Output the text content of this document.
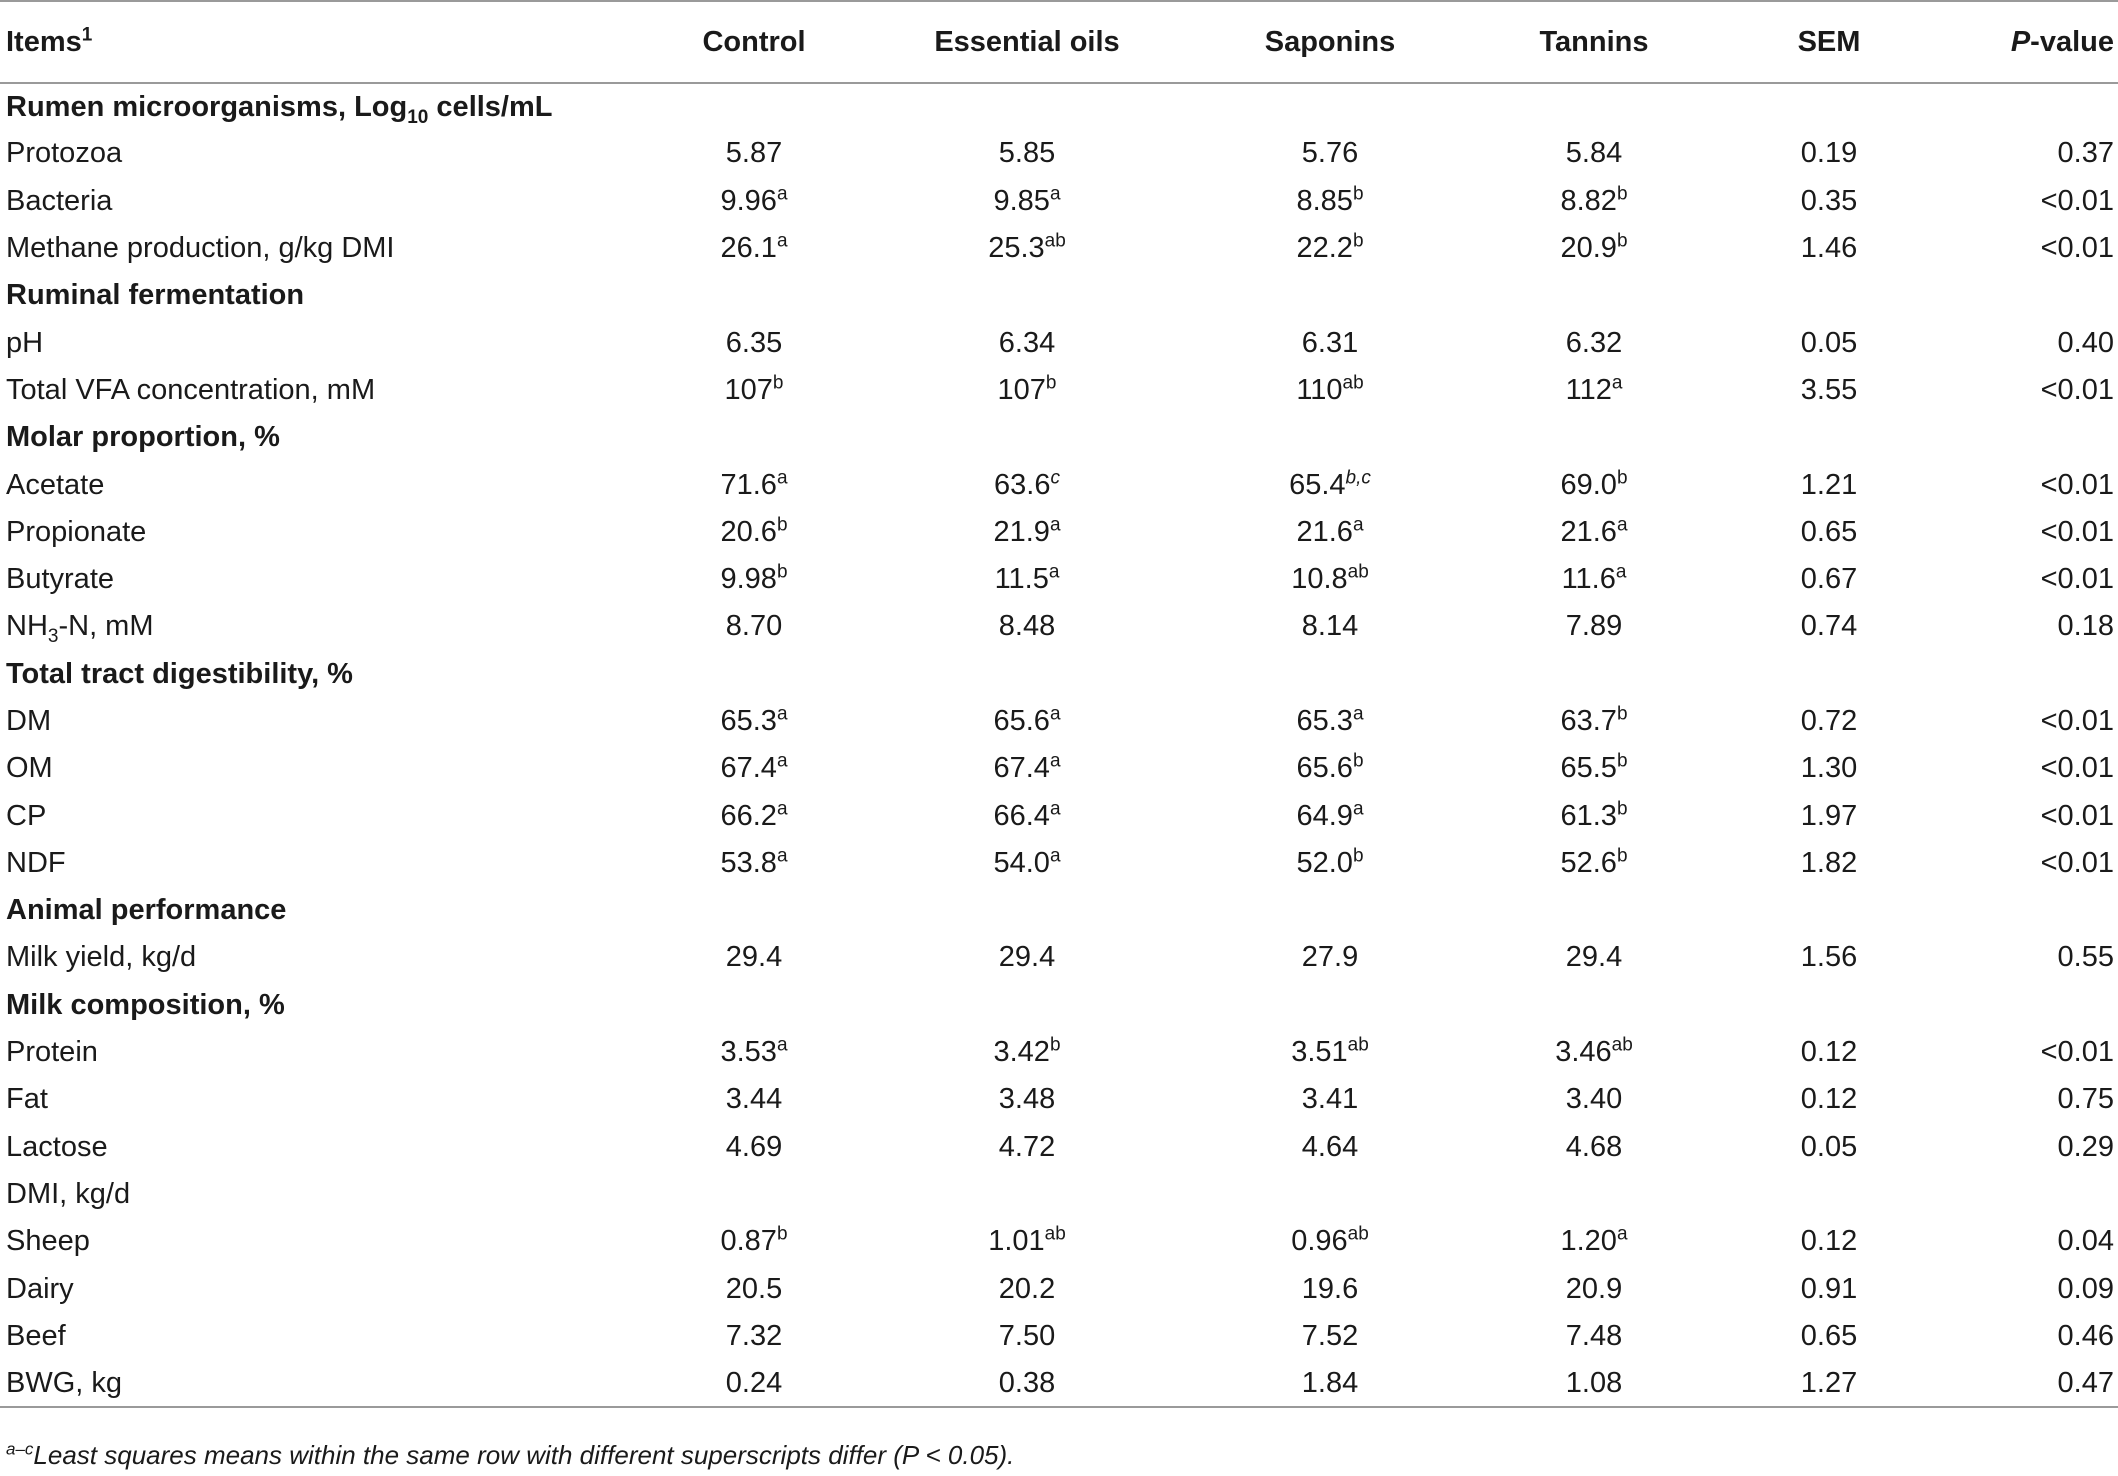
Items$^1$	Control	Essential oils	Saponins	Tannins	SEM	P-value
Rumen microorganisms, Log$_{10}$ cells/mL						
Protozoa	5.87	5.85	5.76	5.84	0.19	0.37
Bacteria	9.96$^a$	9.85$^a$	8.85$^b$	8.82$^b$	0.35	<0.01
Methane production, g/kg DMI	26.1$^a$	25.3$^{ab}$	22.2$^b$	20.9$^b$	1.46	<0.01
Ruminal fermentation						
pH	6.35	6.34	6.31	6.32	0.05	0.40
Total VFA concentration, mM	107$^b$	107$^b$	$110^{ab}$	112$^a$	3.55	<0.01
Molar proportion, %						
Acetate	71.6$^a$	63.6$^c$	65.4$^{b,c}$	69.0$^b$	1.21	<0.01
Propionate	20.6$^b$	21.9$^a$	21.6$^a$	21.6$^a$	0.65	<0.01
Butyrate	9.98$^b$	11.5$^a$	10.8$^{ab}$	11.6$^a$	0.67	<0.01
$NH_3-N$, mM	8.70	8.48	8.14	7.89	0.74	0.18
Total tract digestibility, %						
DM	65.3$^a$	65.6$^a$	65.3$^a$	63.7$^b$	0.72	<0.01
OM	67.4$^a$	67.4$^a$	65.6$^b$	65.5$^b$	1.30	<0.01
CP	66.2$^a$	66.4$^a$	64.9$^a$	61.3$^b$	1.97	<0.01
NDF	53.8$^a$	54.0$^a$	52.0$^b$	52.6$^b$	1.82	<0.01
Animal performance						
Milk yield, kg/d	29.4	29.4	27.9	29.4	1.56	0.55
Milk composition, %						
Protein	3.53$^a$	3.42$^b$	3.51$^{ab}$	3.46$^{ab}$	0.12	<0.01
Fat	3.44	3.48	3.41	3.40	0.12	0.75
Lactose	4.69	4.72	4.64	4.68	0.05	0.29
DMI, kg/d						
Sheep	0.87$^b$	1.01$^{ab}$	0.96$^{ab}$	1.20$^a$	0.12	0.04
Dairy	20.5	20.2	19.6	20.9	0.91	0.09
Beef	7.32	7.50	7.52	7.48	0.65	0.46
BWG, kg	0.24	0.38	1.84	1.08	1.27	0.47
$^{a-c}$Least squares means within the same row with different superscripts differ (P < 0.05).
